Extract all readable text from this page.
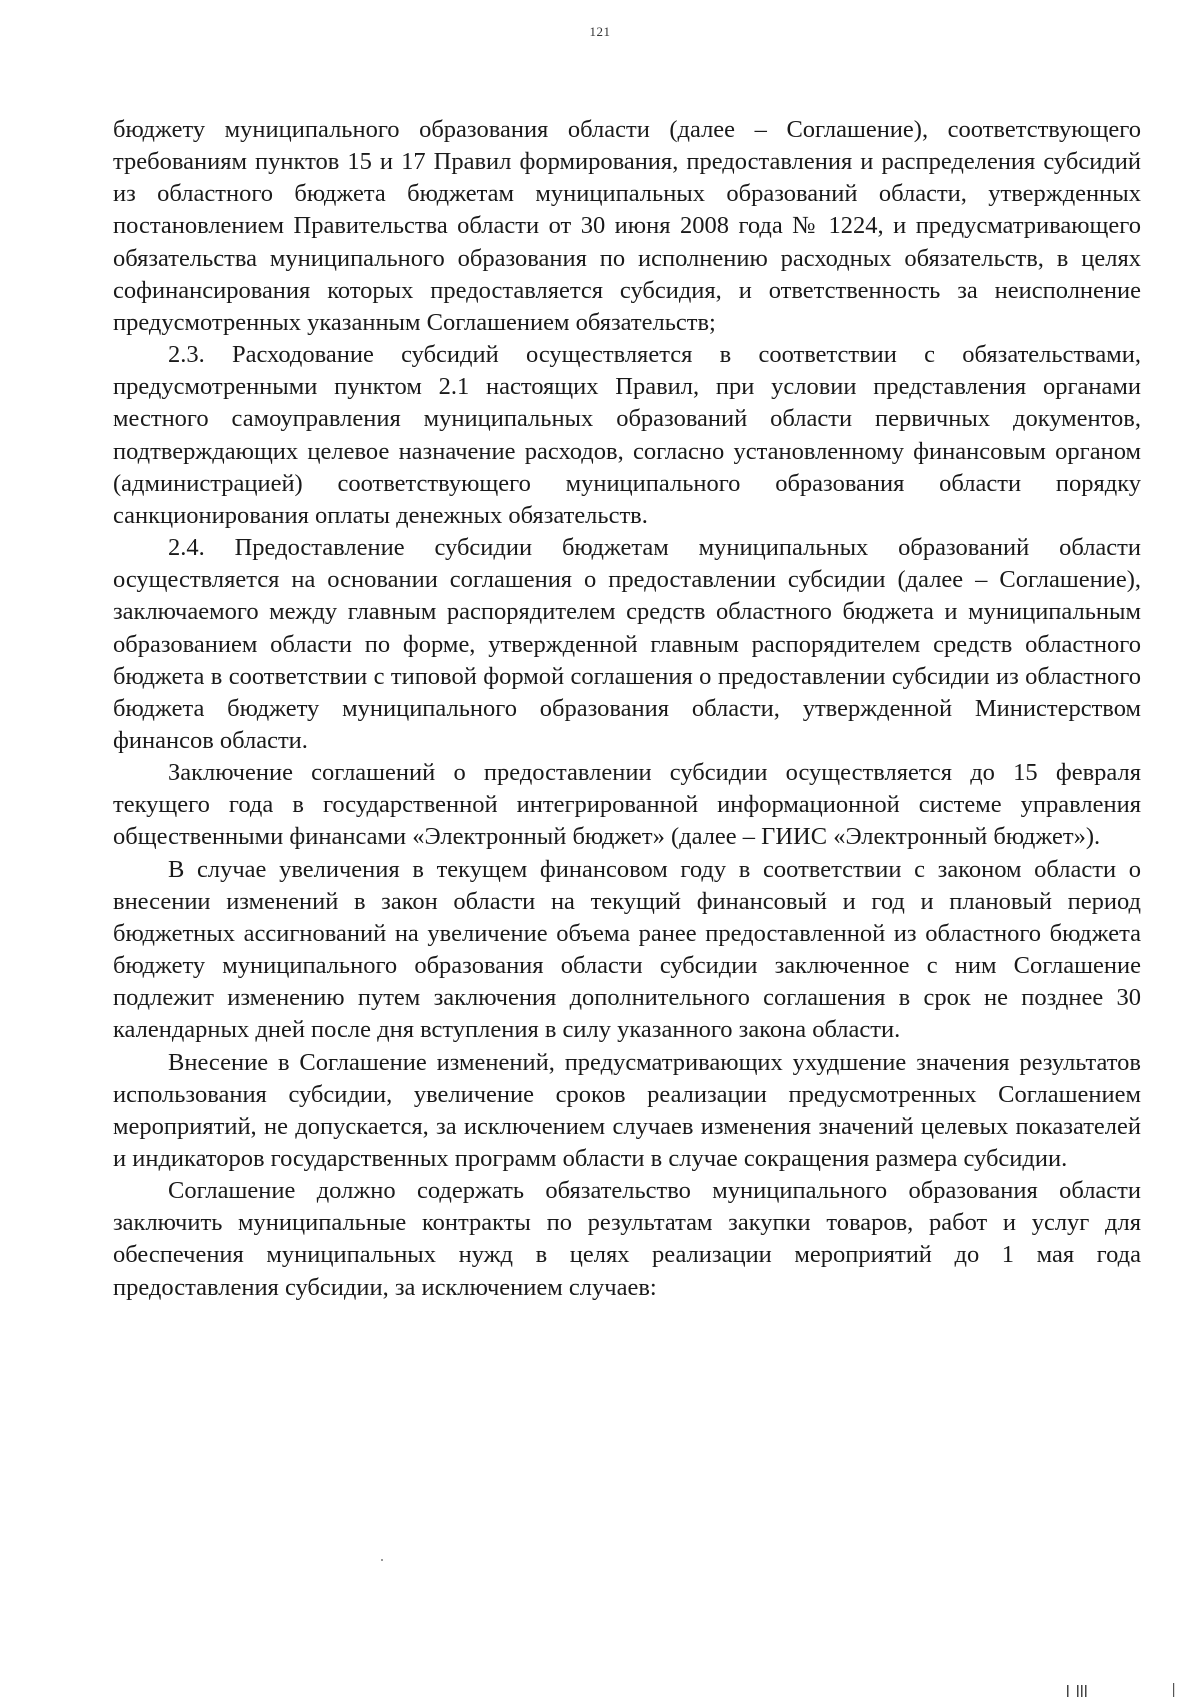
121

бюджету муниципального образования области (далее – Соглашение), соответствующего требованиям пунктов 15 и 17 Правил формирования, предоставления и распределения субсидий из областного бюджета бюджетам муниципальных образований области, утвержденных постановлением Правительства области от 30 июня 2008 года № 1224, и предусматривающего обязательства муниципального образования по исполнению расходных обязательств, в целях софинансирования которых предоставляется субсидия, и ответственность за неисполнение предусмотренных указанным Соглашением обязательств;

2.3. Расходование субсидий осуществляется в соответствии с обязательствами, предусмотренными пунктом 2.1 настоящих Правил, при условии представления органами местного самоуправления муниципальных образований области первичных документов, подтверждающих целевое назначение расходов, согласно установленному финансовым органом (администрацией) соответствующего муниципального образования области порядку санкционирования оплаты денежных обязательств.

2.4. Предоставление субсидии бюджетам муниципальных образований области осуществляется на основании соглашения о предоставлении субсидии (далее – Соглашение), заключаемого между главным распорядителем средств областного бюджета и муниципальным образованием области по форме, утвержденной главным распорядителем средств областного бюджета в соответствии с типовой формой соглашения о предоставлении субсидии из областного бюджета бюджету муниципального образования области, утвержденной Министерством финансов области.

Заключение соглашений о предоставлении субсидии осуществляется до 15 февраля текущего года в государственной интегрированной информационной системе управления общественными финансами «Электронный бюджет» (далее – ГИИС «Электронный бюджет»).

В случае увеличения в текущем финансовом году в соответствии с законом области о внесении изменений в закон области на текущий финансовый и год и плановый период бюджетных ассигнований на увеличение объема ранее предоставленной из областного бюджета бюджету муниципального образования области субсидии заключенное с ним Соглашение подлежит изменению путем заключения дополнительного соглашения в срок не позднее 30 календарных дней после дня вступления в силу указанного закона области.

Внесение в Соглашение изменений, предусматривающих ухудшение значения результатов использования субсидии, увеличение сроков реализации предусмотренных Соглашением мероприятий, не допускается, за исключением случаев изменения значений целевых показателей и индикаторов государственных программ области в случае сокращения размера субсидии.

Соглашение должно содержать обязательство муниципального образования области заключить муниципальные контракты по результатам закупки товаров, работ и услуг для обеспечения муниципальных нужд в целях реализации мероприятий до 1 мая года предоставления субсидии, за исключением случаев:
